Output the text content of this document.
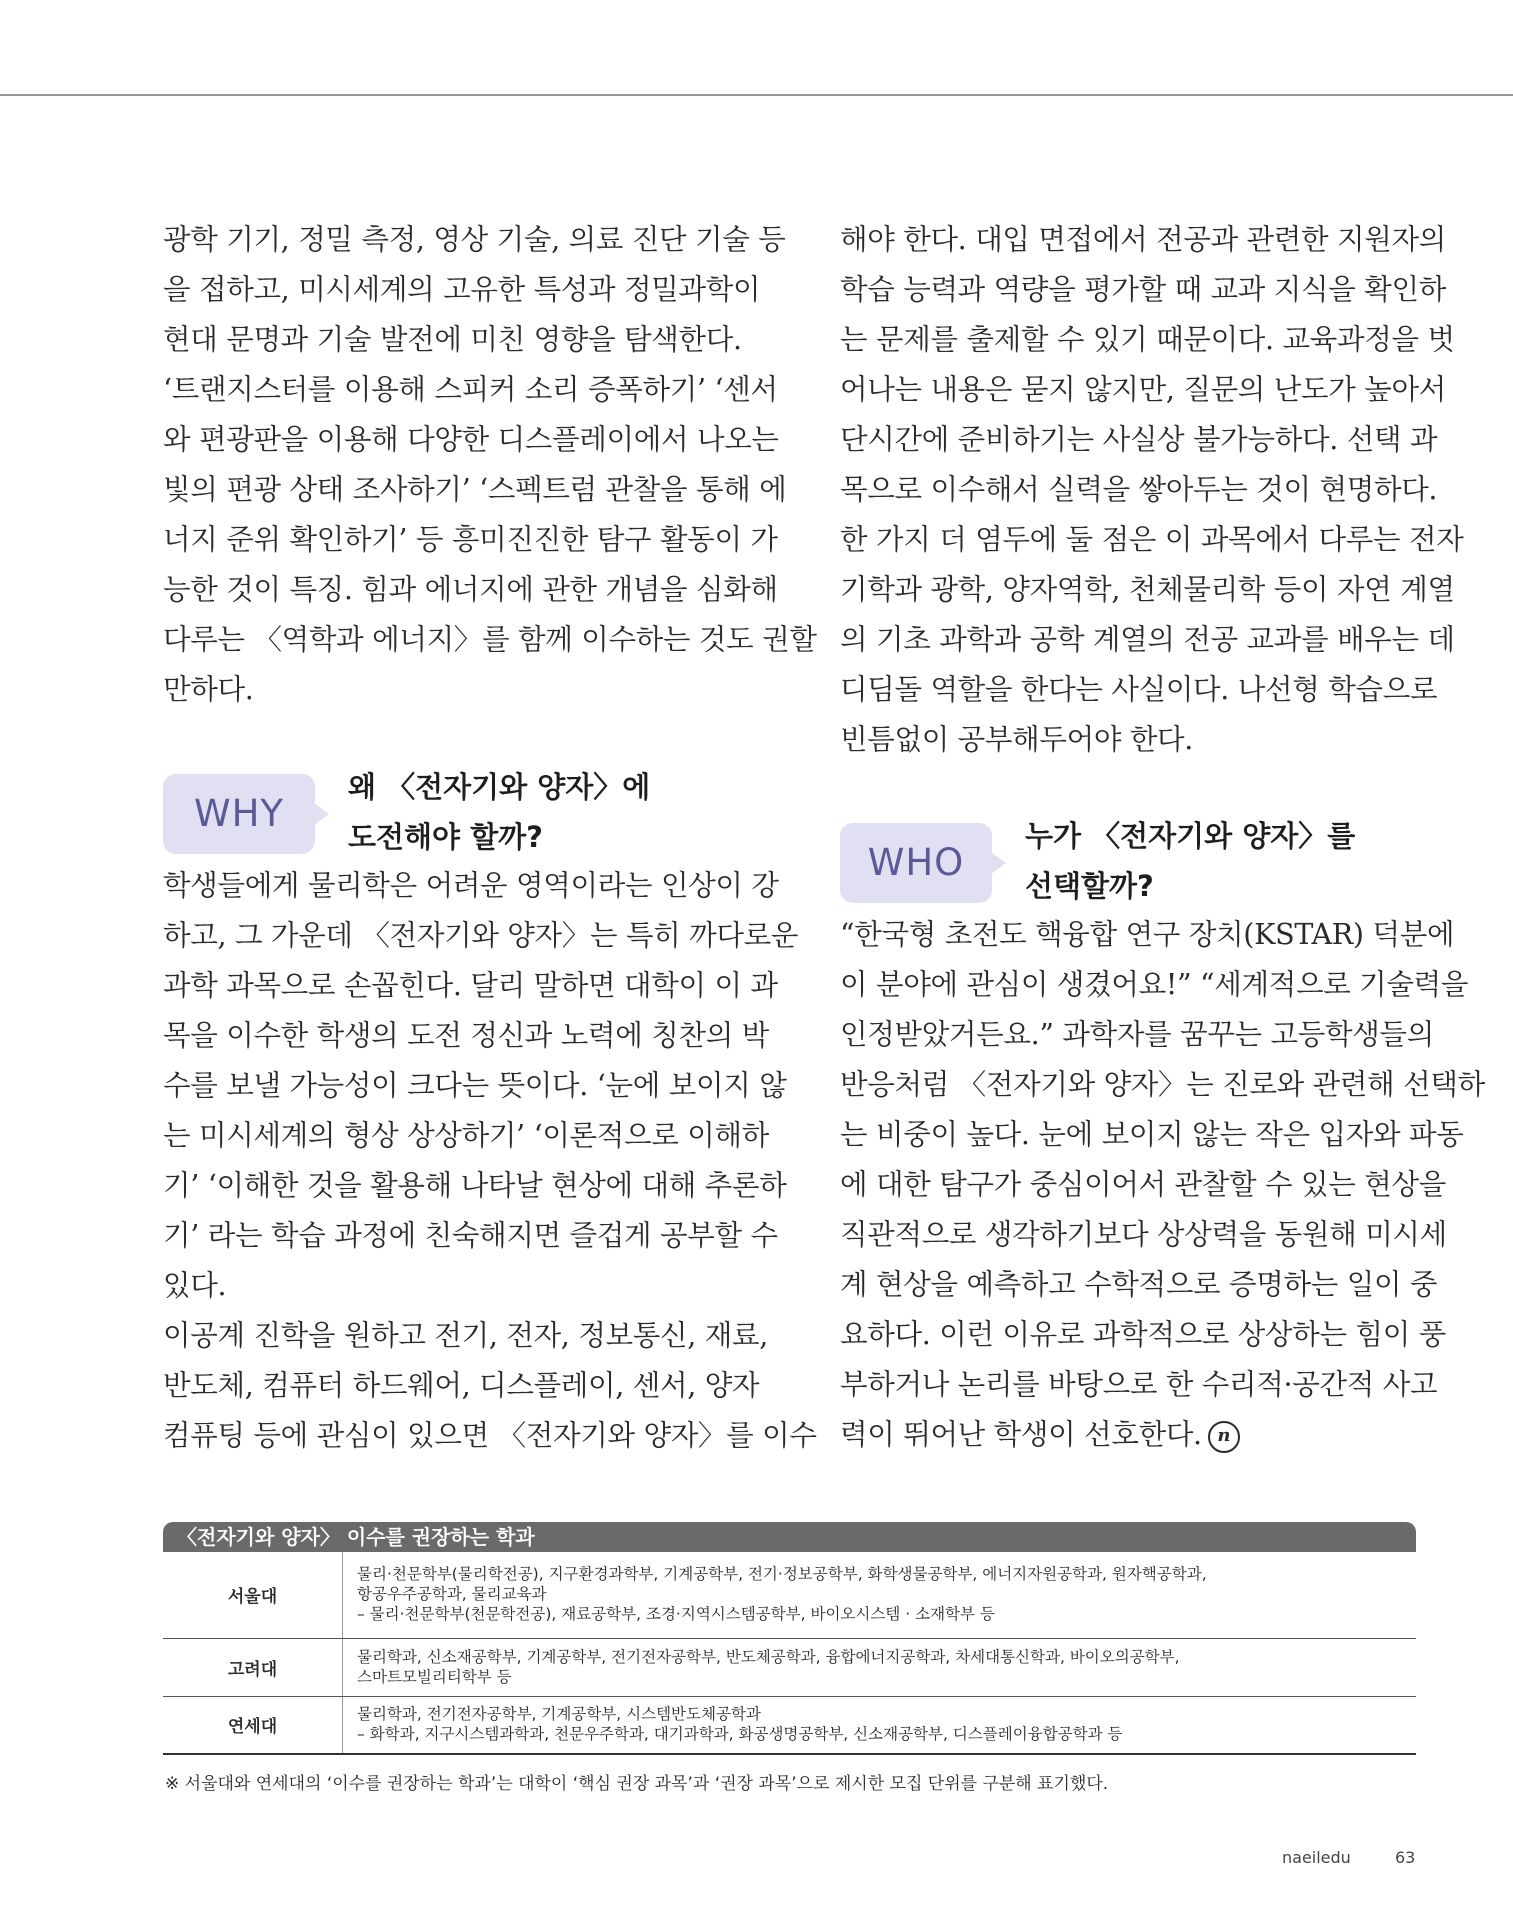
광학 기기, 정밀 측정, 영상 기술, 의료 진단 기술 등
을 접하고, 미시세계의 고유한 특성과 정밀과학이
현대 문명과 기술 발전에 미친 영향을 탐색한다.
‘트랜지스터를 이용해 스피커 소리 증폭하기’ ‘센서
와 편광판을 이용해 다양한 디스플레이에서 나오는
빛의 편광 상태 조사하기’ ‘스펙트럼 관찰을 통해 에
너지 준위 확인하기’ 등 흥미진진한 탐구 활동이 가
능한 것이 특징. 힘과 에너지에 관한 개념을 심화해
다루는 〈역학과 에너지〉를 함께 이수하는 것도 권할
만하다.
WHY
왜 〈전자기와 양자〉에
도전해야 할까?
학생들에게 물리학은 어려운 영역이라는 인상이 강
하고, 그 가운데 〈전자기와 양자〉는 특히 까다로운
과학 과목으로 손꼽힌다. 달리 말하면 대학이 이 과
목을 이수한 학생의 도전 정신과 노력에 칭찬의 박
수를 보낼 가능성이 크다는 뜻이다. ‘눈에 보이지 않
는 미시세계의 형상 상상하기’ ‘이론적으로 이해하
기’ ‘이해한 것을 활용해 나타날 현상에 대해 추론하
기’ 라는 학습 과정에 친숙해지면 즐겁게 공부할 수
있다.
이공계 진학을 원하고 전기, 전자, 정보통신, 재료,
반도체, 컴퓨터 하드웨어, 디스플레이, 센서, 양자
컴퓨팅 등에 관심이 있으면 〈전자기와 양자〉를 이수
해야 한다. 대입 면접에서 전공과 관련한 지원자의
학습 능력과 역량을 평가할 때 교과 지식을 확인하
는 문제를 출제할 수 있기 때문이다. 교육과정을 벗
어나는 내용은 묻지 않지만, 질문의 난도가 높아서
단시간에 준비하기는 사실상 불가능하다. 선택 과
목으로 이수해서 실력을 쌓아두는 것이 현명하다.
한 가지 더 염두에 둘 점은 이 과목에서 다루는 전자
기학과 광학, 양자역학, 천체물리학 등이 자연 계열
의 기초 과학과 공학 계열의 전공 교과를 배우는 데
디딤돌 역할을 한다는 사실이다. 나선형 학습으로
빈틈없이 공부해두어야 한다.
WHO
누가 〈전자기와 양자〉를
선택할까?
“한국형 초전도 핵융합 연구 장치(KSTAR) 덕분에
이 분야에 관심이 생겼어요!” “세계적으로 기술력을
인정받았거든요.” 과학자를 꿈꾸는 고등학생들의
반응처럼 〈전자기와 양자〉는 진로와 관련해 선택하
는 비중이 높다. 눈에 보이지 않는 작은 입자와 파동
에 대한 탐구가 중심이어서 관찰할 수 있는 현상을
직관적으로 생각하기보다 상상력을 동원해 미시세
계 현상을 예측하고 수학적으로 증명하는 일이 중
요하다. 이런 이유로 과학적으로 상상하는 힘이 풍
부하거나 논리를 바탕으로 한 수리적·공간적 사고
력이 뛰어난 학생이 선호한다. n
〈전자기와 양자〉 이수를 권장하는 학과
서울대	물리·천문학부(물리학전공), 지구환경과학부, 기계공학부, 전기·정보공학부, 화학생물공학부, 에너지자원공학과, 원자핵공학과,
항공우주공학과, 물리교육과
– 물리·천문학부(천문학전공), 재료공학부, 조경·지역시스템공학부, 바이오시스템 · 소재학부 등

고려대	물리학과, 신소재공학부, 기계공학부, 전기전자공학부, 반도체공학과, 융합에너지공학과, 차세대통신학과, 바이오의공학부,
스마트모빌리티학부 등

연세대	물리학과, 전기전자공학부, 기계공학부, 시스템반도체공학과
– 화학과, 지구시스템과학과, 천문우주학과, 대기과학과, 화공생명공학부, 신소재공학부, 디스플레이융합공학과 등
※ 서울대와 연세대의 ‘이수를 권장하는 학과’는 대학이 ‘핵심 권장 과목’과 ‘권장 과목’으로 제시한 모집 단위를 구분해 표기했다.
naeiledu	63
